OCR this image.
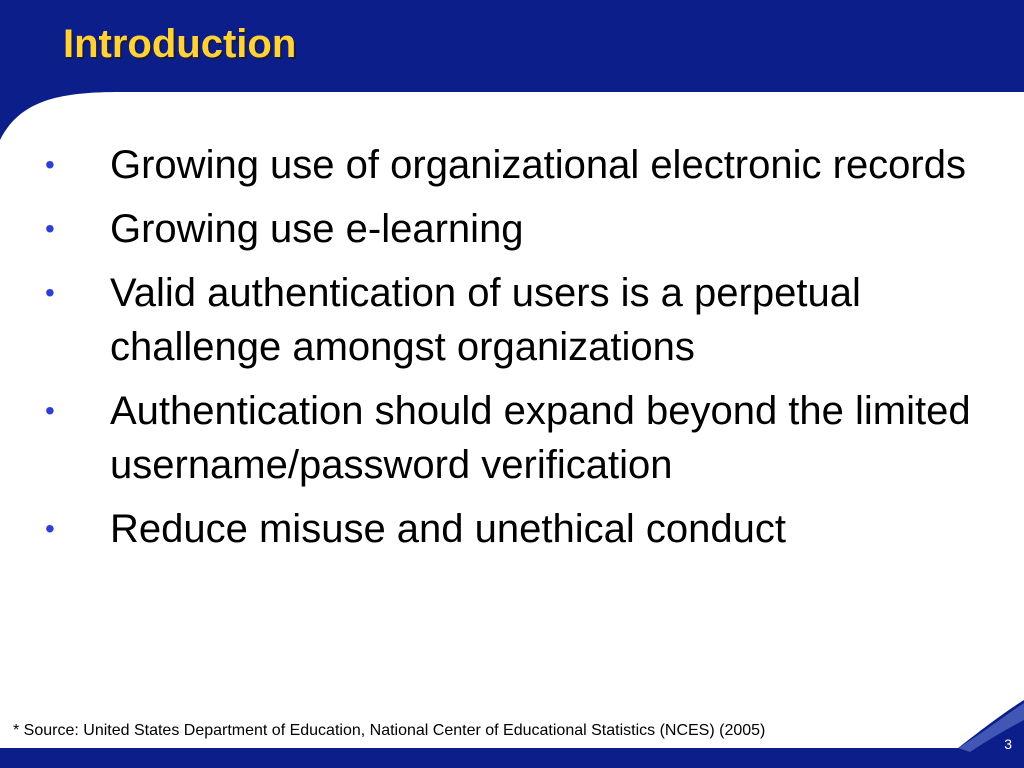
Introduction
•	Growing use of organizational electronic records
•	Growing use e-learning
•	Valid authentication of users is a perpetual challenge amongst organizations
•	Authentication should expand beyond the limited username/password verification
•	Reduce misuse and unethical conduct
* Source: United States Department of Education, National Center of Educational Statistics (NCES) (2005)
3
